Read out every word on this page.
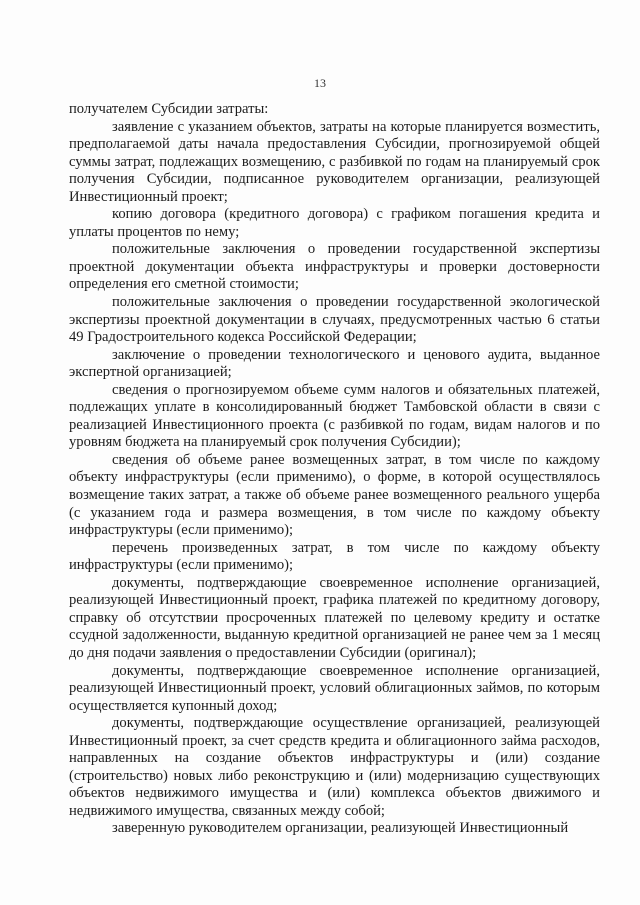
13

получателем Субсидии затраты:

заявление с указанием объектов, затраты на которые планируется возместить, предполагаемой даты начала предоставления Субсидии, прогнозируемой общей суммы затрат, подлежащих возмещению, с разбивкой по годам на планируемый срок получения Субсидии, подписанное руководителем организации, реализующей Инвестиционный проект;

копию договора (кредитного договора) с графиком погашения кредита и уплаты процентов по нему;

положительные заключения о проведении государственной экспертизы проектной документации объекта инфраструктуры и проверки достоверности определения его сметной стоимости;

положительные заключения о проведении государственной экологической экспертизы проектной документации в случаях, предусмотренных частью 6 статьи 49 Градостроительного кодекса Российской Федерации;

заключение о проведении технологического и ценового аудита, выданное экспертной организацией;

сведения о прогнозируемом объеме сумм налогов и обязательных платежей, подлежащих уплате в консолидированный бюджет Тамбовской области в связи с реализацией Инвестиционного проекта (с разбивкой по годам, видам налогов и по уровням бюджета на планируемый срок получения Субсидии);

сведения об объеме ранее возмещенных затрат, в том числе по каждому объекту инфраструктуры (если применимо), о форме, в которой осуществлялось возмещение таких затрат, а также об объеме ранее возмещенного реального ущерба (с указанием года и размера возмещения, в том числе по каждому объекту инфраструктуры (если применимо);

перечень произведенных затрат, в том числе по каждому объекту инфраструктуры (если применимо);

документы, подтверждающие своевременное исполнение организацией, реализующей Инвестиционный проект, графика платежей по кредитному договору, справку об отсутствии просроченных платежей по целевому кредиту и остатке ссудной задолженности, выданную кредитной организацией не ранее чем за 1 месяц до дня подачи заявления о предоставлении Субсидии (оригинал);

документы, подтверждающие своевременное исполнение организацией, реализующей Инвестиционный проект, условий облигационных займов, по которым осуществляется купонный доход;

документы, подтверждающие осуществление организацией, реализующей Инвестиционный проект, за счет средств кредита и облигационного займа расходов, направленных на создание объектов инфраструктуры и (или) создание (строительство) новых либо реконструкцию и (или) модернизацию существующих объектов недвижимого имущества и (или) комплекса объектов движимого и недвижимого имущества, связанных между собой;

заверенную руководителем организации, реализующей Инвестиционный
